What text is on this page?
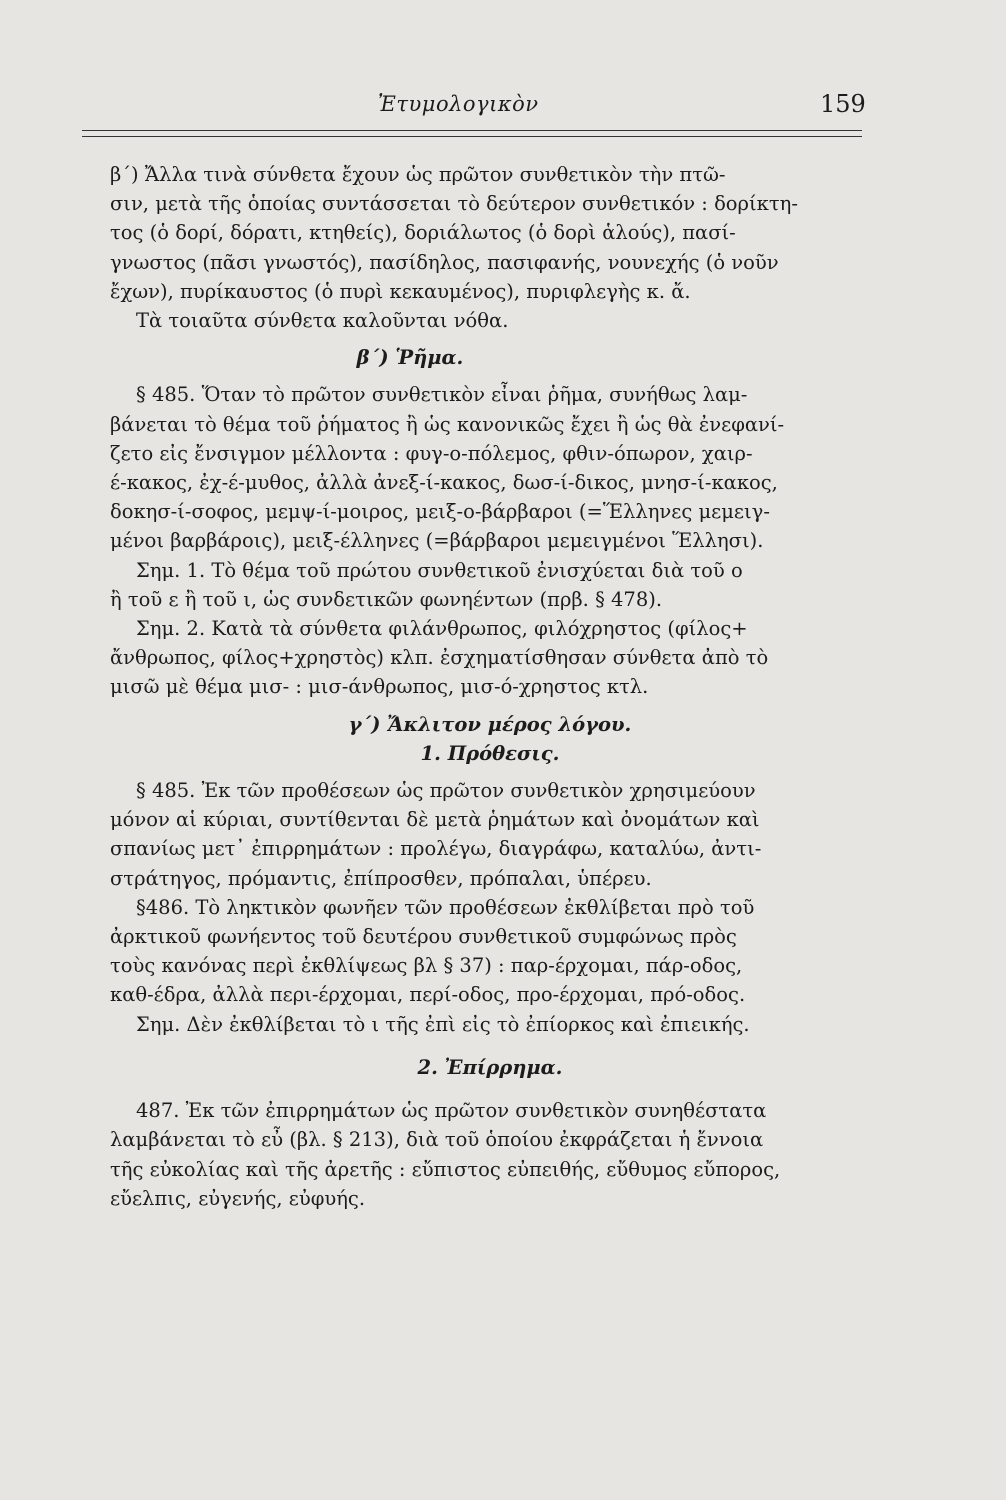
Ἐτυμολογικὸν	159

β΄) Ἄλλα τινὰ σύνθετα ἔχουν ὡς πρῶτον συνθετικὸν τὴν πτῶ-
σιν, μετὰ τῆς ὁποίας συντάσσεται τὸ δεύτερον συνθετικόν : δορίκτη-
τος (ὁ δορί, δόρατι, κτηθείς), δοριάλωτος (ὁ δορὶ ἁλούς), πασί-
γνωστος (πᾶσι γνωστός), πασίδηλος, πασιφανής, νουνεχής (ὁ νοῦν
ἔχων), πυρίκαυστος (ὁ πυρὶ κεκαυμένος), πυριφλεγὴς κ. ἄ.
Τὰ τοιαῦτα σύνθετα καλοῦνται νόθα.

β΄) Ῥῆμα.

§ 485. Ὅταν τὸ πρῶτον συνθετικὸν εἶναι ῥῆμα, συνήθως λαμ-
βάνεται τὸ θέμα τοῦ ῥήματος ἢ ὡς κανονικῶς ἔχει ἢ ὡς θὰ ἐνεφανί-
ζετο εἰς ἔνσιγμον μέλλοντα : φυγ-ο-πόλεμος, φθιν-όπωρον, χαιρ-
έ-κακος, ἐχ-έ-μυθος, ἀλλὰ ἀνεξ-ί-κακος, δωσ-ί-δικος, μνησ-ί-κακος,
δοκησ-ί-σοφος, μεμψ-ί-μοιρος, μειξ-ο-βάρβαροι (=Ἕλληνες μεμειγ-
μένοι βαρβάροις), μειξ-έλληνες (=βάρβαροι μεμειγμένοι Ἕλλησι).
Σημ. 1. Τὸ θέμα τοῦ πρώτου συνθετικοῦ ἐνισχύεται διὰ τοῦ ο
ἢ τοῦ ε ἢ τοῦ ι, ὡς συνδετικῶν φωνηέντων (πρβ. § 478).
Σημ. 2. Κατὰ τὰ σύνθετα φιλάνθρωπος, φιλόχρηστος (φίλος+
ἄνθρωπος, φίλος+χρηστὸς) κλπ. ἐσχηματίσθησαν σύνθετα ἀπὸ τὸ
μισῶ μὲ θέμα μισ- : μισ-άνθρωπος, μισ-ό-χρηστος κτλ.

γ΄) Ἄκλιτον μέρος λόγου.
1. Πρόθεσις.

§ 485. Ἐκ τῶν προθέσεων ὡς πρῶτον συνθετικὸν χρησιμεύουν
μόνον αἱ κύριαι, συντίθενται δὲ μετὰ ῥημάτων καὶ ὀνομάτων καὶ
σπανίως μετ᾽ ἐπιρρημάτων : προλέγω, διαγράφω, καταλύω, ἀντι-
στράτηγος, πρόμαντις, ἐπίπροσθεν, πρόπαλαι, ὑπέρευ.

§486. Τὸ ληκτικὸν φωνῆεν τῶν προθέσεων ἐκθλίβεται πρὸ τοῦ
ἀρκτικοῦ φωνήεντος τοῦ δευτέρου συνθετικοῦ συμφώνως πρὸς
τοὺς κανόνας περὶ ἐκθλίψεως βλ § 37) : παρ-έρχομαι, πάρ-οδος,
καθ-έδρα, ἀλλὰ περι-έρχομαι, περί-οδος, προ-έρχομαι, πρό-οδος.
Σημ. Δὲν ἐκθλίβεται τὸ ι τῆς ἐπὶ εἰς τὸ ἐπίορκος καὶ ἐπιεικής.

2. Ἐπίρρημα.

487. Ἐκ τῶν ἐπιρρημάτων ὡς πρῶτον συνθετικὸν συνηθέστατα
λαμβάνεται τὸ εὖ (βλ. § 213), διὰ τοῦ ὁποίου ἐκφράζεται ἡ ἔννοια
τῆς εὐκολίας καὶ τῆς ἀρετῆς : εὔπιστος εὐπειθής, εὔθυμος εὔπορος,
εὔελπις, εὐγενής, εὐφυής.
